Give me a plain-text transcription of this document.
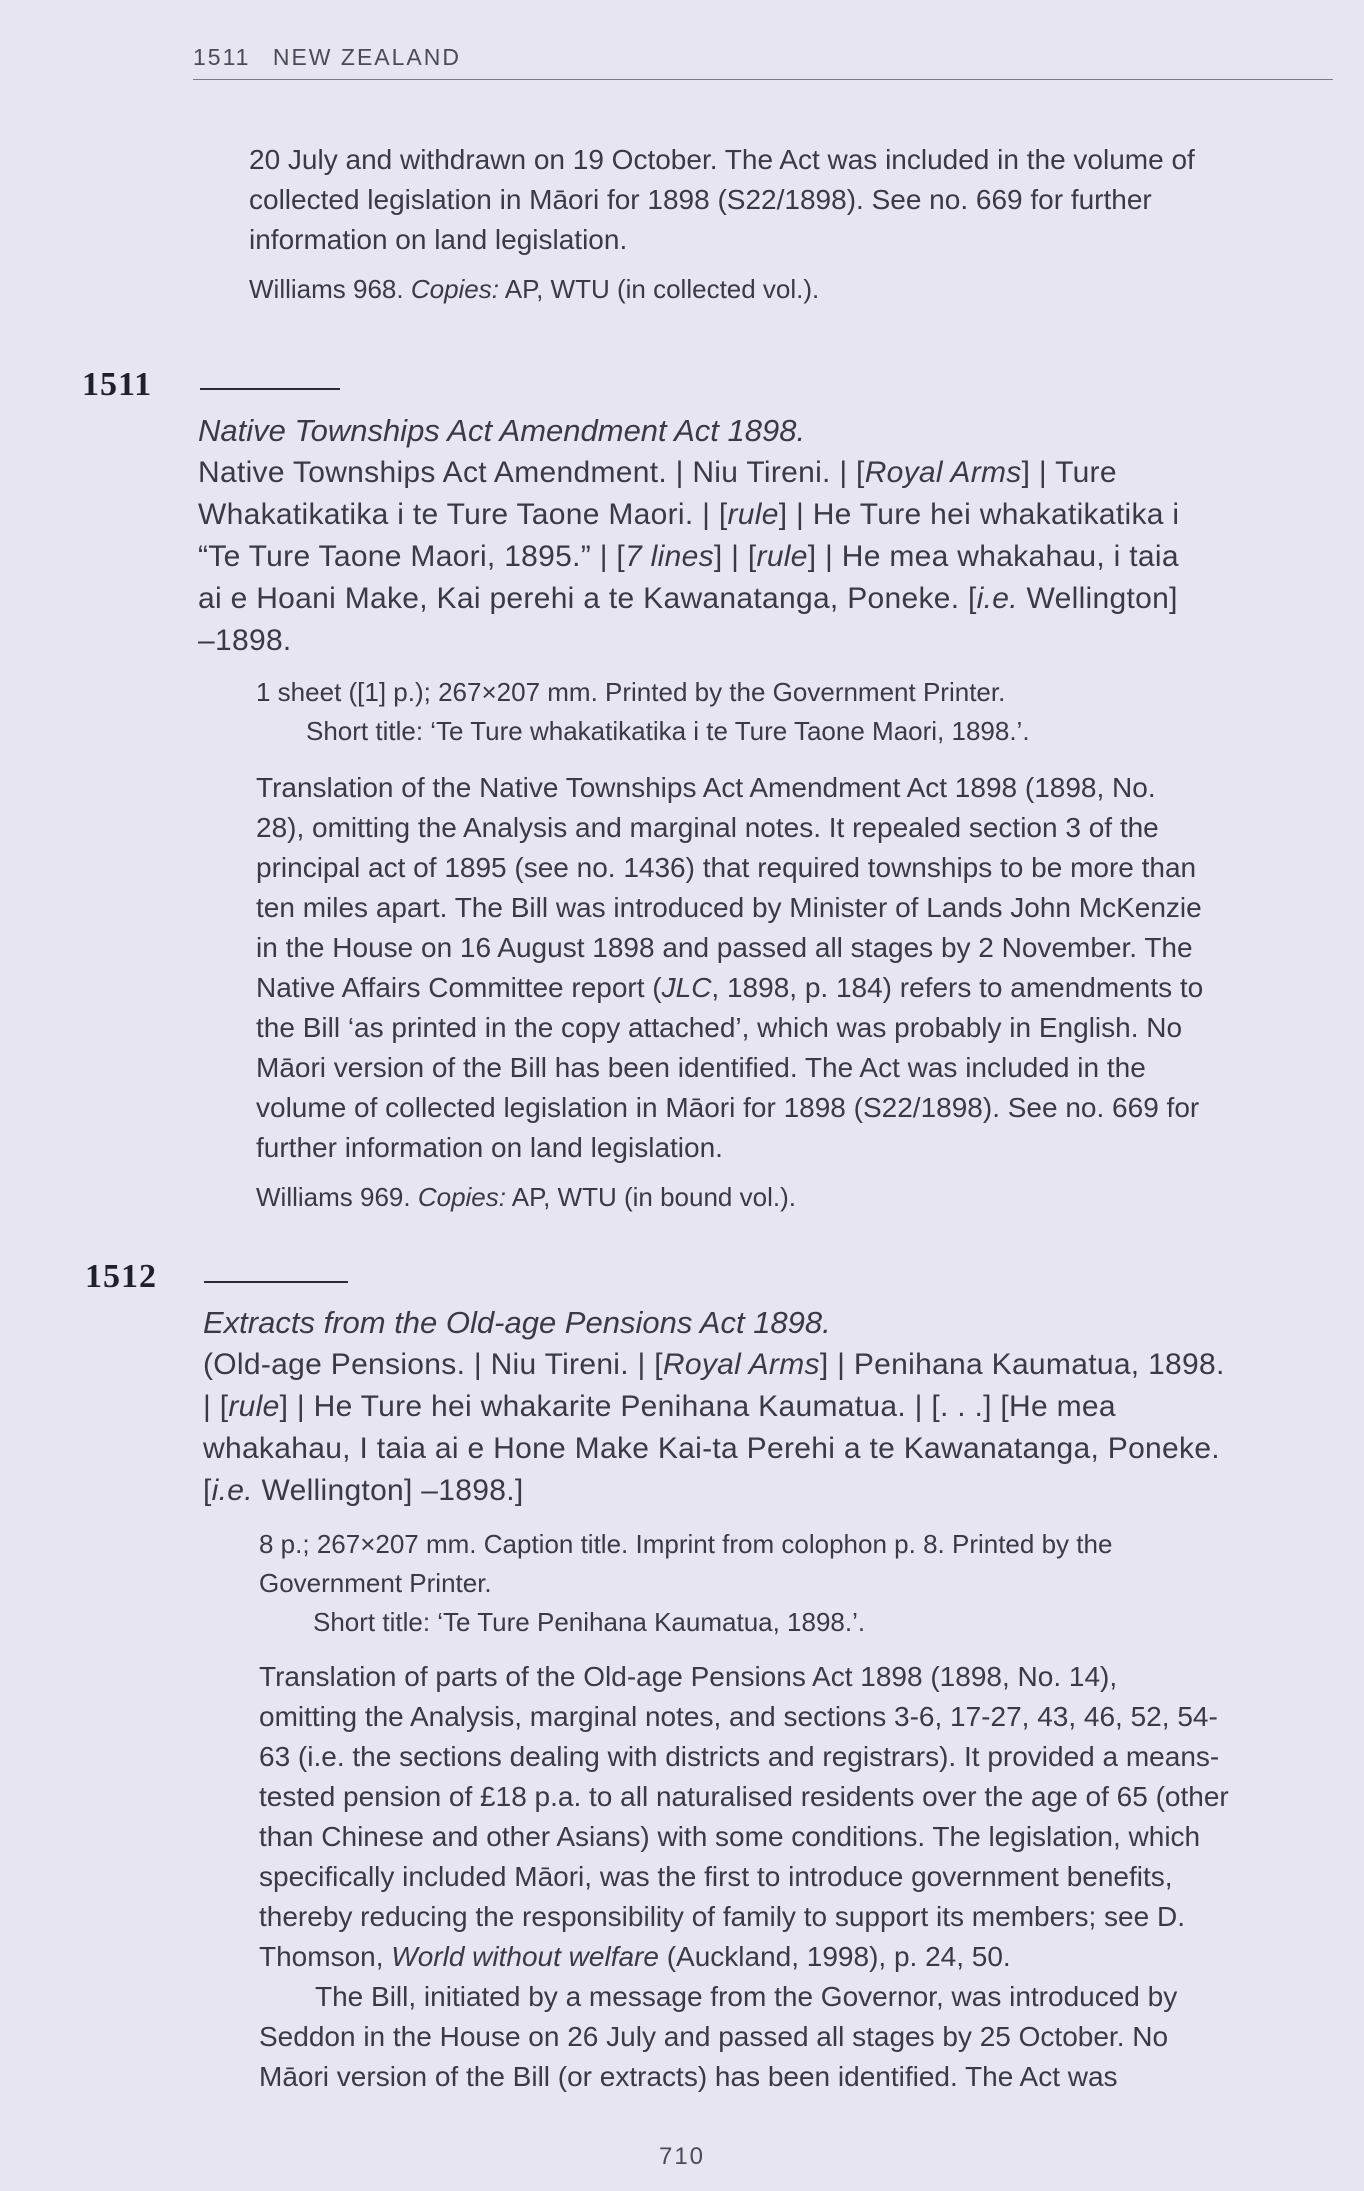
1511 NEW ZEALAND

20 July and withdrawn on 19 October. The Act was included in the volume of

collected legislation in Māori for 1898 (S22/1898). See no. 669 for further

information on land legislation.

Williams 968. Copies: AP, WTU (in collected vol.).

1511

Native Townships Act Amendment Act 1898.

Native Townships Act Amendment. | Niu Tireni. | [Royal Arms] | Ture

Whakatikatika i te Ture Taone Maori. | [rule] | He Ture hei whakatikatika i

“Te Ture Taone Maori, 1895.” | [7 lines] | [rule] | He mea whakahau, i taia

ai e Hoani Make, Kai perehi a te Kawanatanga, Poneke. [i.e. Wellington]

–1898.

1 sheet ([1] p.); 267×207 mm. Printed by the Government Printer.

Short title: ‘Te Ture whakatikatika i te Ture Taone Maori, 1898.’.

Translation of the Native Townships Act Amendment Act 1898 (1898, No.

28), omitting the Analysis and marginal notes. It repealed section 3 of the

principal act of 1895 (see no. 1436) that required townships to be more than

ten miles apart. The Bill was introduced by Minister of Lands John McKenzie

in the House on 16 August 1898 and passed all stages by 2 November. The

Native Affairs Committee report (JLC, 1898, p. 184) refers to amendments to

the Bill ‘as printed in the copy attached’, which was probably in English. No

Māori version of the Bill has been identified. The Act was included in the

volume of collected legislation in Māori for 1898 (S22/1898). See no. 669 for

further information on land legislation.

Williams 969. Copies: AP, WTU (in bound vol.).

1512

Extracts from the Old-age Pensions Act 1898.

(Old-age Pensions. | Niu Tireni. | [Royal Arms] | Penihana Kaumatua, 1898.

| [rule] | He Ture hei whakarite Penihana Kaumatua. | [. . .] [He mea

whakahau, I taia ai e Hone Make Kai-ta Perehi a te Kawanatanga, Poneke.

[i.e. Wellington] –1898.]

8 p.; 267×207 mm. Caption title. Imprint from colophon p. 8. Printed by the

Government Printer.

Short title: ‘Te Ture Penihana Kaumatua, 1898.’.

Translation of parts of the Old-age Pensions Act 1898 (1898, No. 14),

omitting the Analysis, marginal notes, and sections 3-6, 17-27, 43, 46, 52, 54-

63 (i.e. the sections dealing with districts and registrars). It provided a means-

tested pension of £18 p.a. to all naturalised residents over the age of 65 (other

than Chinese and other Asians) with some conditions. The legislation, which

specifically included Māori, was the first to introduce government benefits,

thereby reducing the responsibility of family to support its members; see D.

Thomson, World without welfare (Auckland, 1998), p. 24, 50.

The Bill, initiated by a message from the Governor, was introduced by

Seddon in the House on 26 July and passed all stages by 25 October. No

Māori version of the Bill (or extracts) has been identified. The Act was

710
